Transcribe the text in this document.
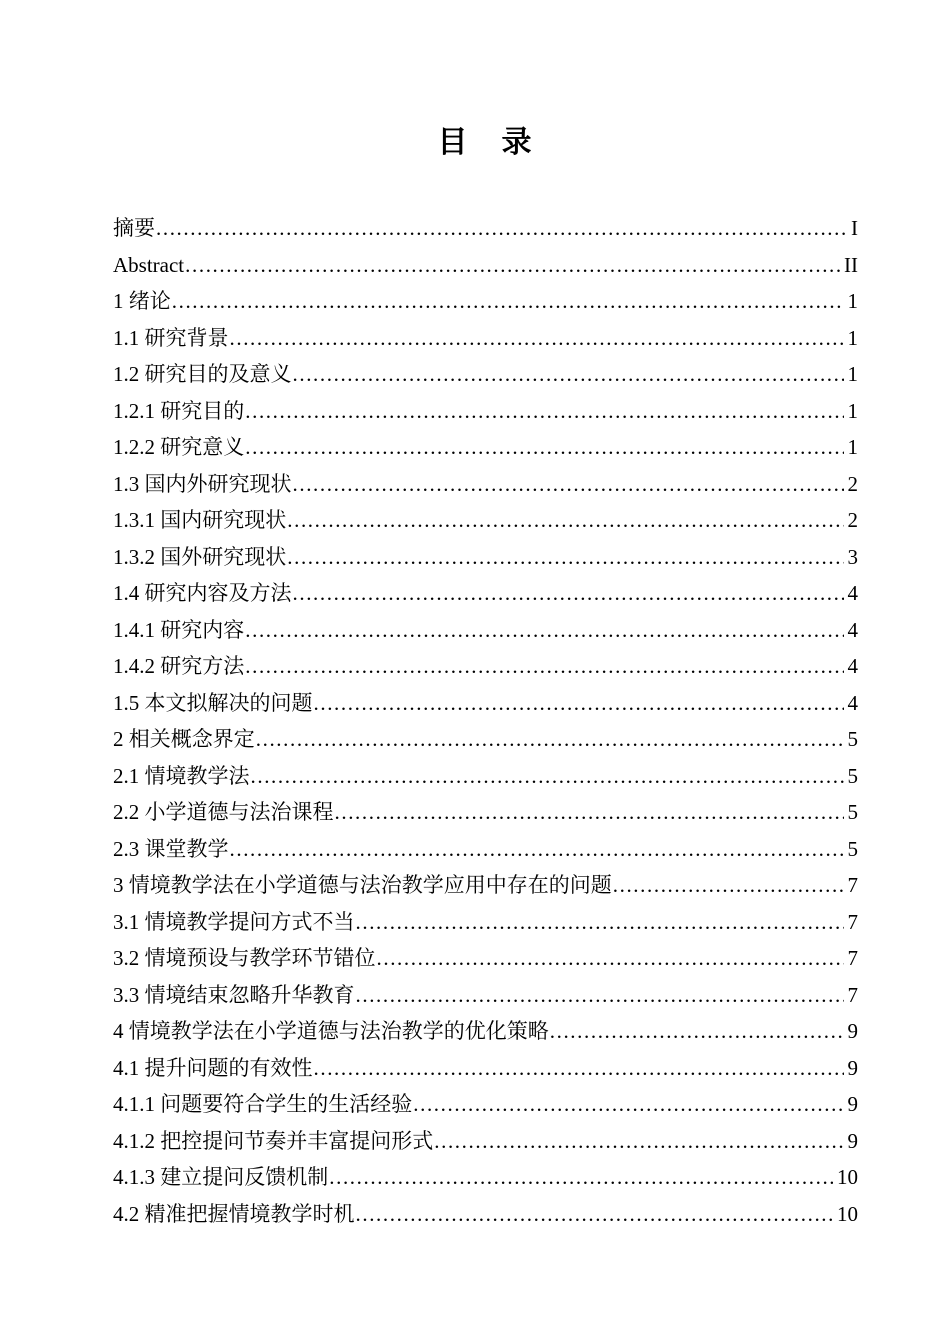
目　录
摘要 .....	I
Abstract .....	II
1 绪论 .....	1
1.1 研究背景 .....	1
1.2 研究目的及意义 .....	1
1.2.1 研究目的 .....	1
1.2.2 研究意义 .....	1
1.3 国内外研究现状 .....	2
1.3.1 国内研究现状 .....	2
1.3.2 国外研究现状 .....	3
1.4 研究内容及方法 .....	4
1.4.1 研究内容 .....	4
1.4.2 研究方法 .....	4
1.5 本文拟解决的问题 .....	4
2 相关概念界定 .....	5
2.1 情境教学法 .....	5
2.2 小学道德与法治课程 .....	5
2.3 课堂教学 .....	5
3 情境教学法在小学道德与法治教学应用中存在的问题 .....	7
3.1 情境教学提问方式不当 .....	7
3.2 情境预设与教学环节错位 .....	7
3.3 情境结束忽略升华教育 .....	7
4 情境教学法在小学道德与法治教学的优化策略 .....	9
4.1 提升问题的有效性 .....	9
4.1.1 问题要符合学生的生活经验 .....	9
4.1.2 把控提问节奏并丰富提问形式 .....	9
4.1.3 建立提问反馈机制 .....	10
4.2 精准把握情境教学时机 .....	10
